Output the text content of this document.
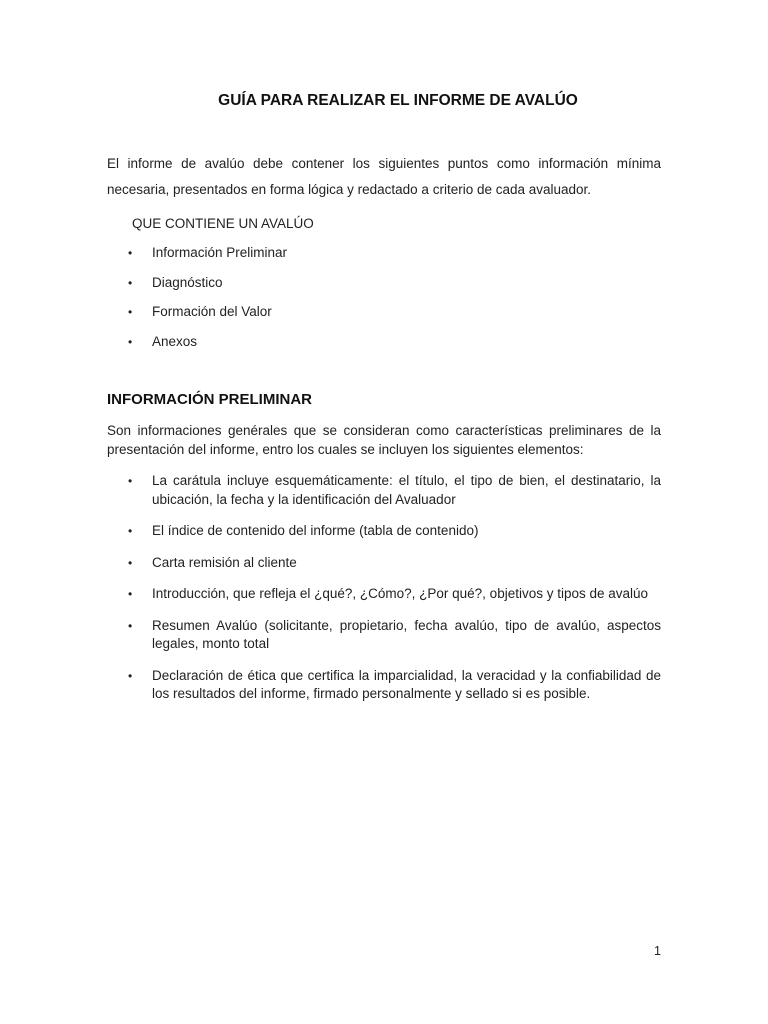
GUÍA PARA REALIZAR EL INFORME DE AVALÚO

El informe de avalúo debe contener los siguientes puntos como información mínima necesaria, presentados en forma lógica y redactado a criterio de cada avaluador.

QUE CONTIENE UN AVALÚO

• Información Preliminar
• Diagnóstico
• Formación del Valor
• Anexos
INFORMACIÓN PRELIMINAR

Son informaciones genérales que se consideran como características preliminares de la presentación del informe, entro los cuales se incluyen los siguientes elementos:

• La carátula incluye esquemáticamente: el título, el tipo de bien, el destinatario, la ubicación, la fecha y la identificación del Avaluador
• El índice de contenido del informe (tabla de contenido)
• Carta remisión al cliente
• Introducción, que refleja el ¿qué?, ¿Cómo?, ¿Por qué?, objetivos y tipos de avalúo
• Resumen Avalúo (solicitante, propietario, fecha avalúo, tipo de avalúo, aspectos legales, monto total
• Declaración de ética que certifica la imparcialidad, la veracidad y la confiabilidad de los resultados del informe, firmado personalmente y sellado si es posible.

1
